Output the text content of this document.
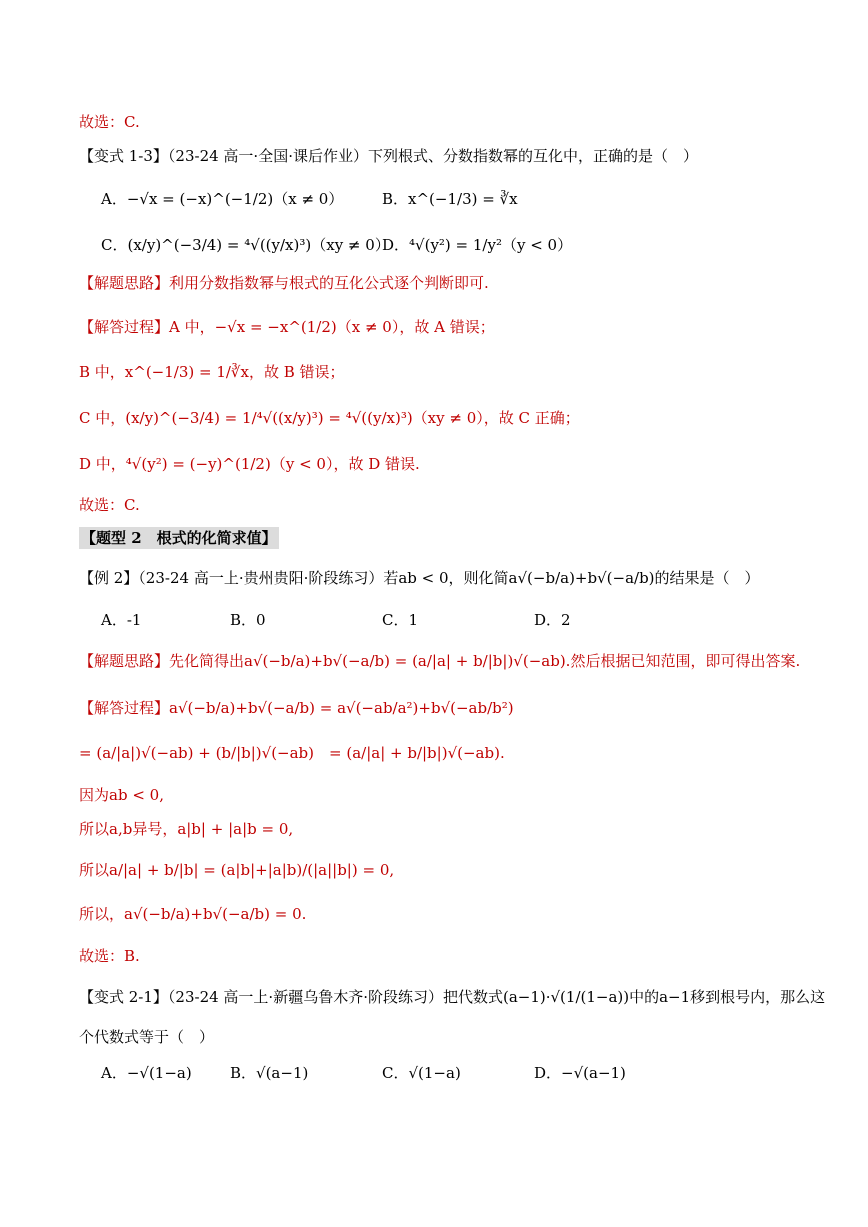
故选：C.
【变式 1-3】（23-24 高一·全国·课后作业）下列根式、分数指数幂的互化中，正确的是（　）
A．−√x = (−x)^(−1/2)（x ≠ 0）	B．x^(−1/3) = ∛x
C．(x/y)^(−3/4) = ⁴√((y/x)³)（xy ≠ 0）
D．⁴√(y²) = 1/y²（y < 0）
【解题思路】利用分数指数幂与根式的互化公式逐个判断即可.
【解答过程】A 中，−√x = −x^(1/2)（x ≠ 0），故 A 错误；
B 中，x^(−1/3) = 1/∛x，故 B 错误；
C 中，(x/y)^(−3/4) = 1/⁴√((x/y)³) = ⁴√((y/x)³)（xy ≠ 0），故 C 正确；
D 中，⁴√(y²) = (−y)^(1/2)（y < 0），故 D 错误.
故选：C.
【题型 2　根式的化简求值】
【例 2】（23-24 高一上·贵州贵阳·阶段练习）若ab < 0，则化简a√(−b/a)+b√(−a/b)的结果是（　）
A．-1	B．0	C．1	D．2
【解题思路】先化简得出a√(−b/a)+b√(−a/b) = (a/|a| + b/|b|)√(−ab).然后根据已知范围，即可得出答案.
【解答过程】a√(−b/a)+b√(−a/b) = a√(−ab/a²)+b√(−ab/b²)
= (a/|a|)√(−ab) + (b/|b|)√(−ab)　= (a/|a| + b/|b|)√(−ab).
因为ab < 0,
所以a,b异号，a|b| + |a|b = 0,
所以a/|a| + b/|b| = (a|b|+|a|b)/(|a||b|) = 0,
所以，a√(−b/a)+b√(−a/b) = 0.
故选：B.
【变式 2-1】（23-24 高一上·新疆乌鲁木齐·阶段练习）把代数式(a−1)·√(1/(1−a))中的a−1移到根号内，那么这
个代数式等于（　）
A．−√(1−a)	B．√(a−1)	C．√(1−a)	D．−√(a−1)
